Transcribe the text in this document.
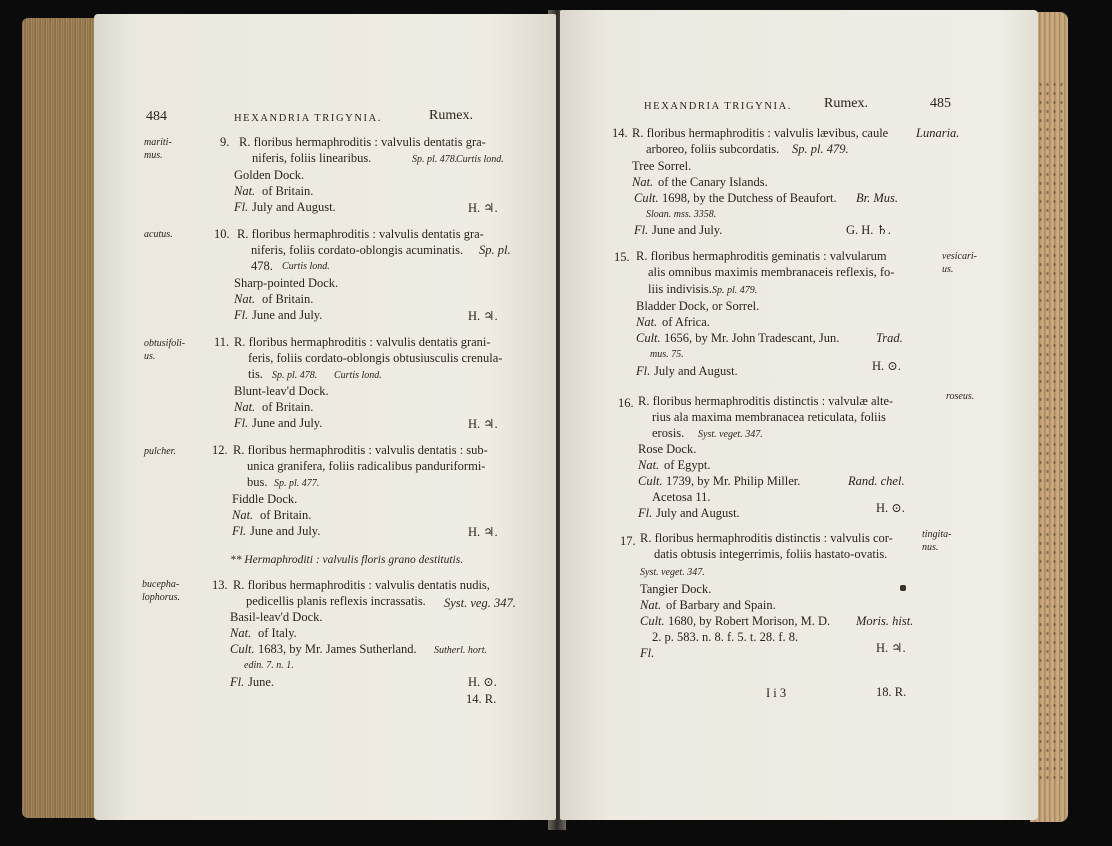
484	HEXANDRIA TRIGYNIA.	Rumex.
mariti-
mus.
9. R. floribus hermaphroditis : valvulis dentatis gra-
niferis, foliis linearibus.	Sp. pl. 478.
Curtis lond.
Golden Dock.
Nat. of Britain.
Fl. July and August.	H. ♃.
acutus.	10. R. floribus hermaphroditis : valvulis dentatis gra-
niferis, foliis cordato-oblongis acuminatis. Sp. pl.
478. Curtis lond.
Sharp-pointed Dock.
Nat. of Britain.
Fl. June and July.	H. ♃.
obtusifoli-
us.
11. R. floribus hermaphroditis : valvulis dentatis grani-
feris, foliis cordato-oblongis obtusiusculis crenula-
tis. Sp. pl. 478. Curtis lond.
Blunt-leav'd Dock.
Nat. of Britain.
Fl. June and July.	H. ♃.
pulcher.	12. R. floribus hermaphroditis : valvulis dentatis : sub-
unica granifera, foliis radicalibus panduriformi-
bus. Sp. pl. 477.
Fiddle Dock.
Nat. of Britain.
Fl. June and July.	H. ♃.
** Hermaphroditi : valvulis floris grano destitutis.
bucepha-
lophorus.
13. R. floribus hermaphroditis : valvulis dentatis nudis,
pedicellis planis reflexis incrassatis. Syst. veg. 347.
Basil-leav'd Dock.
Nat. of Italy.
Cult. 1683, by Mr. James Sutherland. Sutherl. hort.
edin. 7. n. 1.
Fl. June.	H. ⊙.
14. R.
HEXANDRIA TRIGYNIA. Rumex.	485
14. R. floribus hermaphroditis : valvulis lævibus, caule Lunaria.
arboreo, foliis subcordatis. Sp. pl. 479.
Tree Sorrel.
Nat. of the Canary Islands.
Cult. 1698, by the Dutchess of Beaufort. Br. Mus.
Sloan. mss. 3358.
Fl. June and July.	G. H. ♄.
15. R. floribus hermaphroditis geminatis : valvularum	vesicari-
us.
alis omnibus maximis membranaceis reflexis, fo-
liis indivisis. Sp. pl. 479.
Bladder Dock, or Sorrel.
Nat. of Africa.
Cult. 1656, by Mr. John Tradescant, Jun.	Trad.
mus. 75.
Fl. July and August.	H. ⊙.
16. R. floribus hermaphroditis distinctis : valvulæ alte-	roseus.
rius ala maxima membranacea reticulata, foliis
erosis. Syst. veget. 347.
Rose Dock.
Nat. of Egypt.
Cult. 1739, by Mr. Philip Miller.	Rand. chel.
Acetosa 11.
Fl. July and August.	H. ⊙.
17. R. floribus hermaphroditis distinctis : valvulis cor-	tingita-
nus.
datis obtusis integerrimis, foliis hastato-ovatis.
Syst. veget. 347.
Tangier Dock.
Nat. of Barbary and Spain.
Cult. 1680, by Robert Morison, M. D. Moris. hist.
2. p. 583. n. 8. f. 5. t. 28. f. 8.
Fl.	H. ♃.
I i 3	18. R.
